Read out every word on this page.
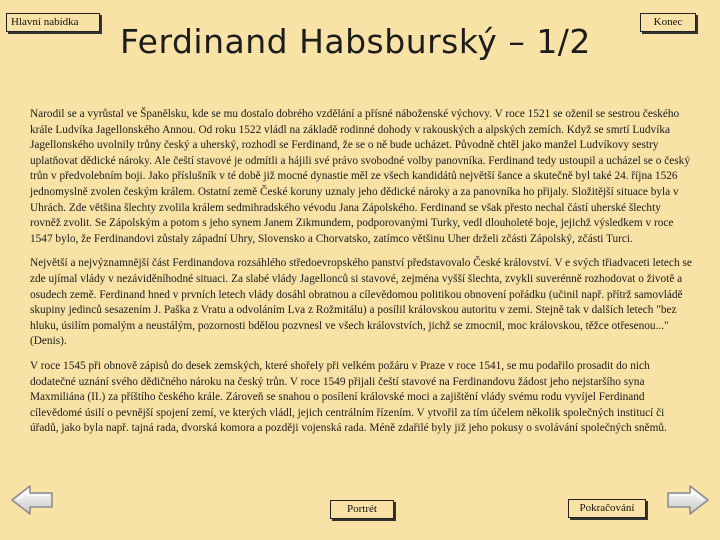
Hlavní nabídka	Konec
Ferdinand Habsburský – 1/2

Narodil se a vyrůstal ve Španělsku, kde se mu dostalo dobrého vzdělání a přísné náboženské výchovy. V roce 1521 se oženil se sestrou českého krále Ludvíka Jagellonského Annou. Od roku 1522 vládl na základě rodinné dohody v rakouských a alpských zemích. Když se smrtí Ludvíka Jagellonského uvolnily trůny český a uherský, rozhodl se Ferdinand, že se o ně bude ucházet. Původně chtěl jako manžel Ludvíkovy sestry uplatňovat dědické nároky. Ale čeští stavové je odmítli a hájili své právo svobodné volby panovníka. Ferdinand tedy ustoupil a ucházel se o český trůn v předvolebním boji. Jako příslušník v té době již mocné dynastie měl ze všech kandidátů největší šance a skutečně byl také 24. října 1526 jednomyslně zvolen českým králem. Ostatní země České koruny uznaly jeho dědické nároky a za panovníka ho přijaly. Složitější situace byla v Uhrách. Zde většina šlechty zvolila králem sedmihradského vévodu Jana Zápolského. Ferdinand se však přesto nechal částí uherské šlechty rovněž zvolit. Se Zápolským a potom s jeho synem Janem Zikmundem, podporovanými Turky, vedl dlouholeté boje, jejichž výsledkem v roce 1547 bylo, že Ferdinandovi zůstaly západní Uhry, Slovensko a Chorvatsko, zatímco většinu Uher drželi zčásti Zápolský, zčásti Turci.

Největší a nejvýznamnější část Ferdinandova rozsáhlého středoevropského panství představovalo České království. V e svých třiadvaceti letech se zde ujímal vlády v nezáviděníhodné situaci. Za slabé vlády Jagellonců si stavové, zejména vyšší šlechta, zvykli suverénně rozhodovat o životě a osudech země. Ferdinand hned v prvních letech vlády dosáhl obratnou a cílevědomou politikou obnovení pořádku (učinil např. přítrž samovládě skupiny jedinců sesazením J. Paška z Vratu a odvoláním Lva z Rožmitálu) a posílil královskou autoritu v zemi. Stejně tak v dalších letech "bez hluku, úsilím pomalým a neustálým, pozornosti bdělou pozvnesl ve všech královstvích, jichž se zmocnil, moc královskou, těžce otřesenou..." (Denis).

V roce 1545 při obnově zápisů do desek zemských, které shořely při velkém požáru v Praze v roce 1541, se mu podařilo prosadit do nich dodatečné uznání svého dědičného nároku na český trůn. V roce 1549 přijali čeští stavové na Ferdinandovu žádost jeho nejstaršího syna Maxmiliána (II.) za příštího českého krále. Zároveň se snahou o posílení královské moci a zajištění vlády svému rodu vyvíjel Ferdinand cílevědomé úsilí o pevnější spojení zemí, ve kterých vládl, jejich centrálním řízením. V ytvořil za tím účelem několik společných institucí či úřadů, jako byla např. tajná rada, dvorská komora a později vojenská rada. Méně zdařilé byly již jeho pokusy o svolávání společných sněmů.

Portrét	Pokračování
